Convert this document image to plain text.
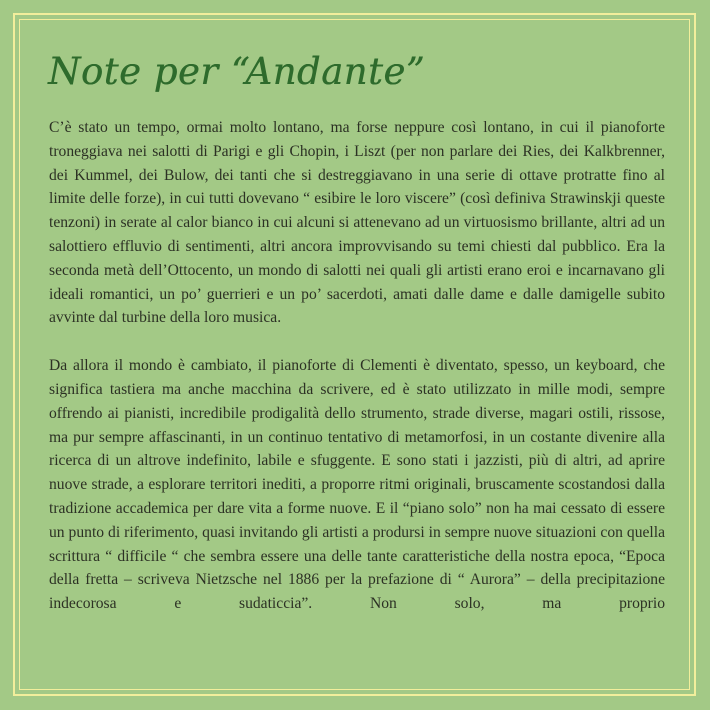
Note per “Andante”

C’è stato un tempo, ormai molto lontano, ma forse neppure così lontano, in cui il pianoforte troneggiava nei salotti di Parigi e gli Chopin, i Liszt (per non parlare dei Ries, dei Kalkbrenner, dei Kummel, dei Bulow, dei tanti che si destreggiavano in una serie di ottave protratte fino al limite delle forze), in cui tutti dovevano “ esibire le loro viscere” (così definiva Strawinskji queste tenzoni) in serate al calor bianco in cui alcuni si attenevano ad un virtuosismo brillante, altri ad un salottiero effluvio di sentimenti, altri ancora improvvisando su temi chiesti dal pubblico. Era la seconda metà dell’Ottocento, un mondo di salotti nei quali gli artisti erano eroi e incarnavano gli ideali romantici, un po’ guerrieri e un po’ sacerdoti, amati dalle dame e dalle damigelle subito avvinte dal turbine della loro musica.

Da allora il mondo è cambiato, il pianoforte di Clementi è diventato, spesso, un keyboard, che significa tastiera ma anche macchina da scrivere, ed è stato utilizzato in mille modi, sempre offrendo ai pianisti, incredibile prodigalità dello strumento, strade diverse, magari ostili, rissose, ma pur sempre affascinanti, in un continuo tentativo di metamorfosi, in un costante divenire alla ricerca di un altrove indefinito, labile e sfuggente. E sono stati i jazzisti, più di altri, ad aprire nuove strade, a esplorare territori inediti, a proporre ritmi originali, bruscamente scostandosi dalla tradizione accademica per dare vita a forme nuove. E il “piano solo” non ha mai cessato di essere un punto di riferimento, quasi invitando gli artisti a prodursi in sempre nuove situazioni con quella scrittura “ difficile “ che sembra essere una delle tante caratteristiche della nostra epoca, “Epoca della fretta – scriveva Nietzsche nel 1886 per la prefazione di “ Aurora” – della precipitazione indecorosa e sudaticcia”. Non solo, ma proprio
